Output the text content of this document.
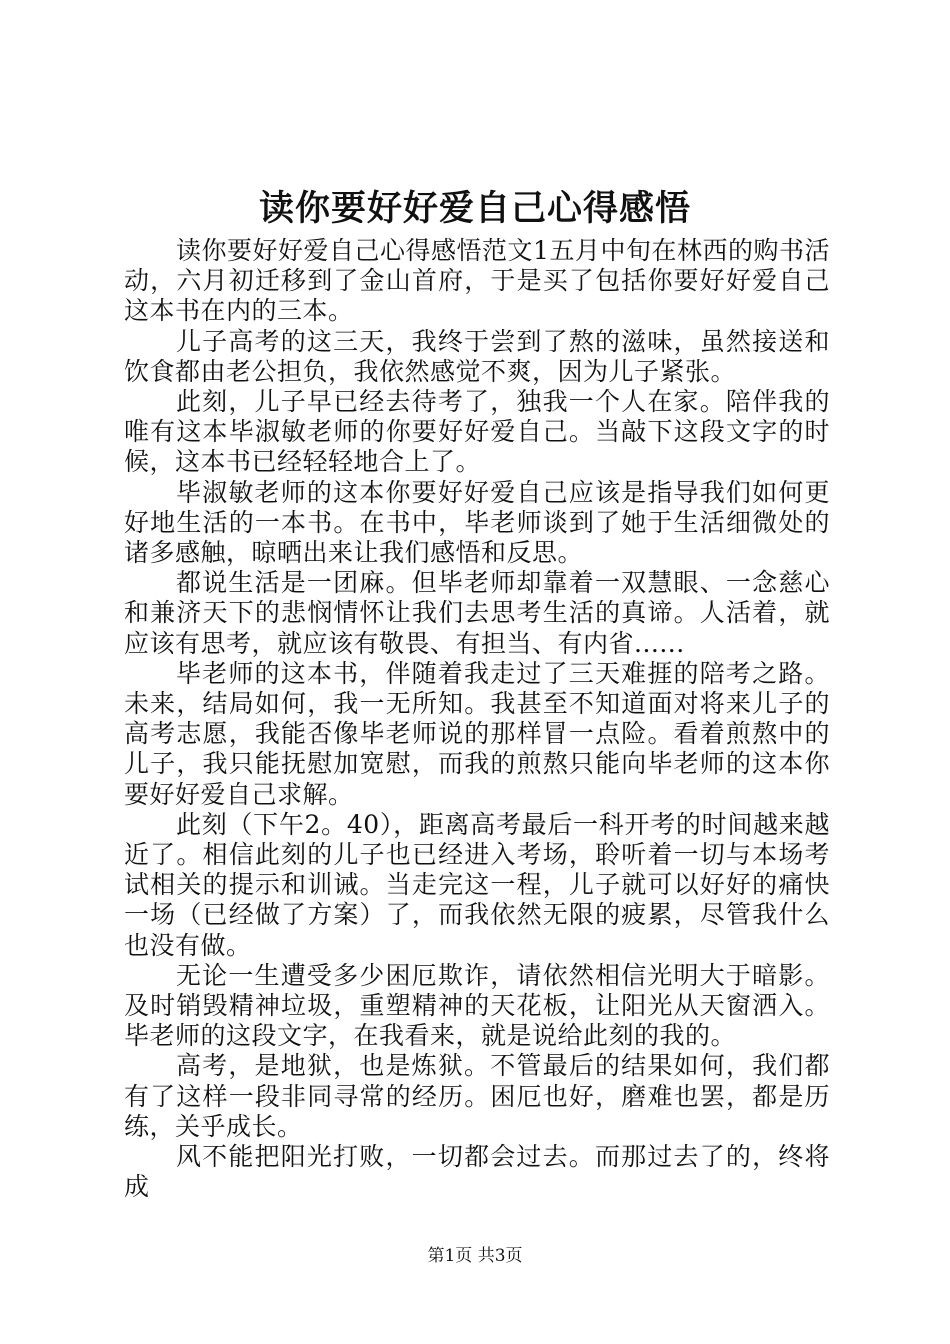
读你要好好爱自己心得感悟

读你要好好爱自己心得感悟范文1五月中旬在林西的购书活动，六月初迁移到了金山首府，于是买了包括你要好好爱自己这本书在内的三本。

儿子高考的这三天，我终于尝到了熬的滋味，虽然接送和饮食都由老公担负，我依然感觉不爽，因为儿子紧张。

此刻，儿子早已经去待考了，独我一个人在家。陪伴我的唯有这本毕淑敏老师的你要好好爱自己。当敲下这段文字的时候，这本书已经轻轻地合上了。

毕淑敏老师的这本你要好好爱自己应该是指导我们如何更好地生活的一本书。在书中，毕老师谈到了她于生活细微处的诸多感触，晾晒出来让我们感悟和反思。

都说生活是一团麻。但毕老师却靠着一双慧眼、一念慈心和兼济天下的悲悯情怀让我们去思考生活的真谛。人活着，就应该有思考，就应该有敬畏、有担当、有内省......

毕老师的这本书，伴随着我走过了三天难捱的陪考之路。未来，结局如何，我一无所知。我甚至不知道面对将来儿子的高考志愿，我能否像毕老师说的那样冒一点险。看着煎熬中的儿子，我只能抚慰加宽慰，而我的煎熬只能向毕老师的这本你要好好爱自己求解。

此刻（下午2。40），距离高考最后一科开考的时间越来越近了。相信此刻的儿子也已经进入考场，聆听着一切与本场考试相关的提示和训诫。当走完这一程，儿子就可以好好的痛快一场（已经做了方案）了，而我依然无限的疲累，尽管我什么也没有做。

无论一生遭受多少困厄欺诈，请依然相信光明大于暗影。及时销毁精神垃圾，重塑精神的天花板，让阳光从天窗洒入。毕老师的这段文字，在我看来，就是说给此刻的我的。

高考，是地狱，也是炼狱。不管最后的结果如何，我们都有了这样一段非同寻常的经历。困厄也好，磨难也罢，都是历练，关乎成长。

风不能把阳光打败，一切都会过去。而那过去了的，终将成

第1页 共3页
